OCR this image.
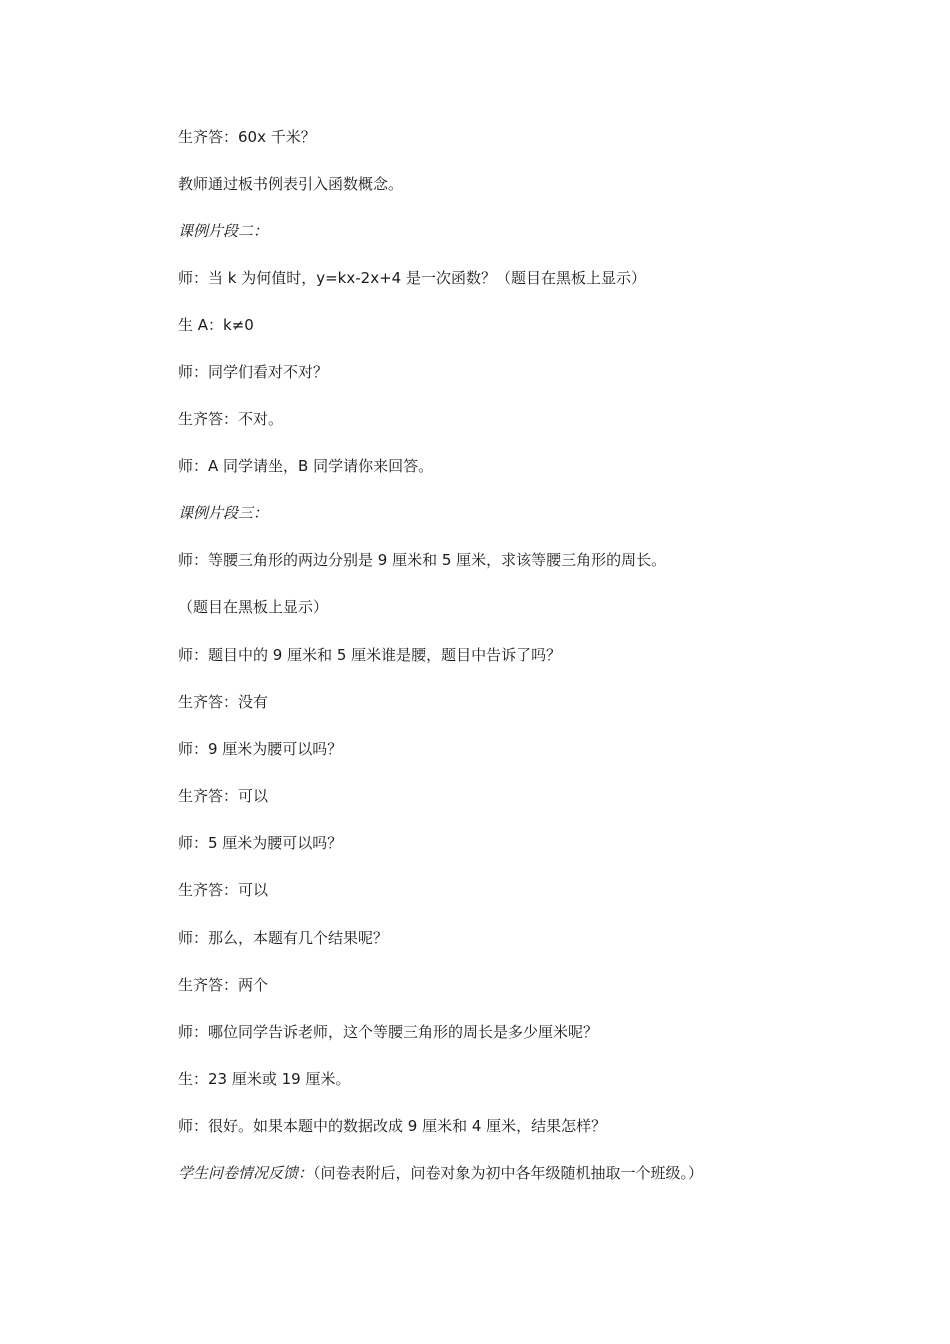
生齐答：60x 千米？
教师通过板书例表引入函数概念。
课例片段二：
师：当 k 为何值时，y=kx-2x+4 是一次函数？（题目在黑板上显示）
生 A：k≠0
师：同学们看对不对？
生齐答：不对。
师：A 同学请坐，B 同学请你来回答。
课例片段三：
师：等腰三角形的两边分别是 9 厘米和 5 厘米，求该等腰三角形的周长。
（题目在黑板上显示）
师：题目中的 9 厘米和 5 厘米谁是腰，题目中告诉了吗？
生齐答：没有
师：9 厘米为腰可以吗？
生齐答：可以
师：5 厘米为腰可以吗？
生齐答：可以
师：那么，本题有几个结果呢？
生齐答：两个
师：哪位同学告诉老师，这个等腰三角形的周长是多少厘米呢？
生：23 厘米或 19 厘米。
师：很好。如果本题中的数据改成 9 厘米和 4 厘米，结果怎样？
学生问卷情况反馈：（问卷表附后，问卷对象为初中各年级随机抽取一个班级。）
